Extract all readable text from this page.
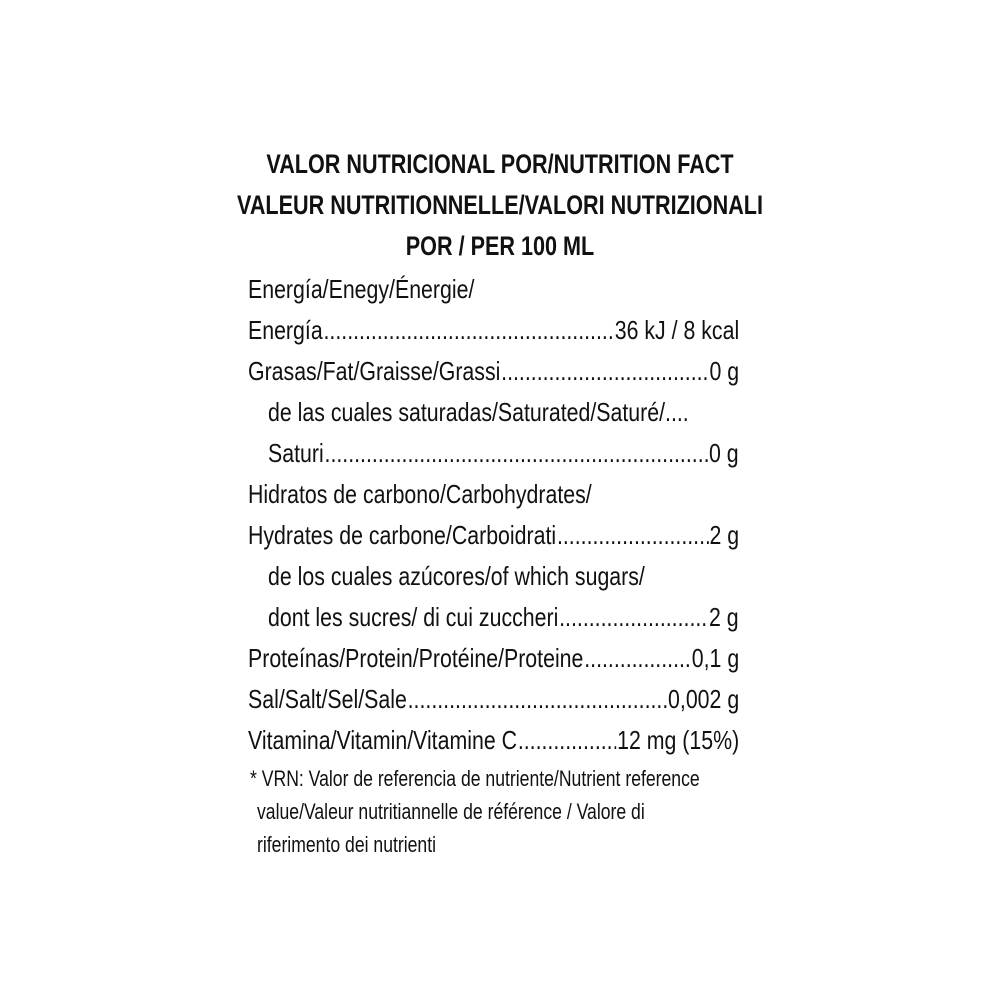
VALOR NUTRICIONAL POR/NUTRITION FACT
VALEUR NUTRITIONNELLE/VALORI NUTRIZIONALI
POR / PER 100 ML
Energía/Enegy/Énergie/
Energía .....	36 kJ / 8 kcal
Grasas/Fat/Graisse/Grassi .....	0 g
de las cuales saturadas/Saturated/Saturé/....
Saturi .....	0 g
Hidratos de carbono/Carbohydrates/
Hydrates de carbone/Carboidrati .....	2 g
de los cuales azúcores/of which sugars/
dont les sucres/ di cui zuccheri .....	2 g
Proteínas/Protein/Protéine/Proteine .....	0,1 g
Sal/Salt/Sel/Sale .....	0,002 g
Vitamina/Vitamin/Vitamine C .....	12 mg (15%)
* VRN: Valor de referencia de nutriente/Nutrient reference
value/Valeur nutritiannelle de référence / Valore di
riferimento dei nutrienti
